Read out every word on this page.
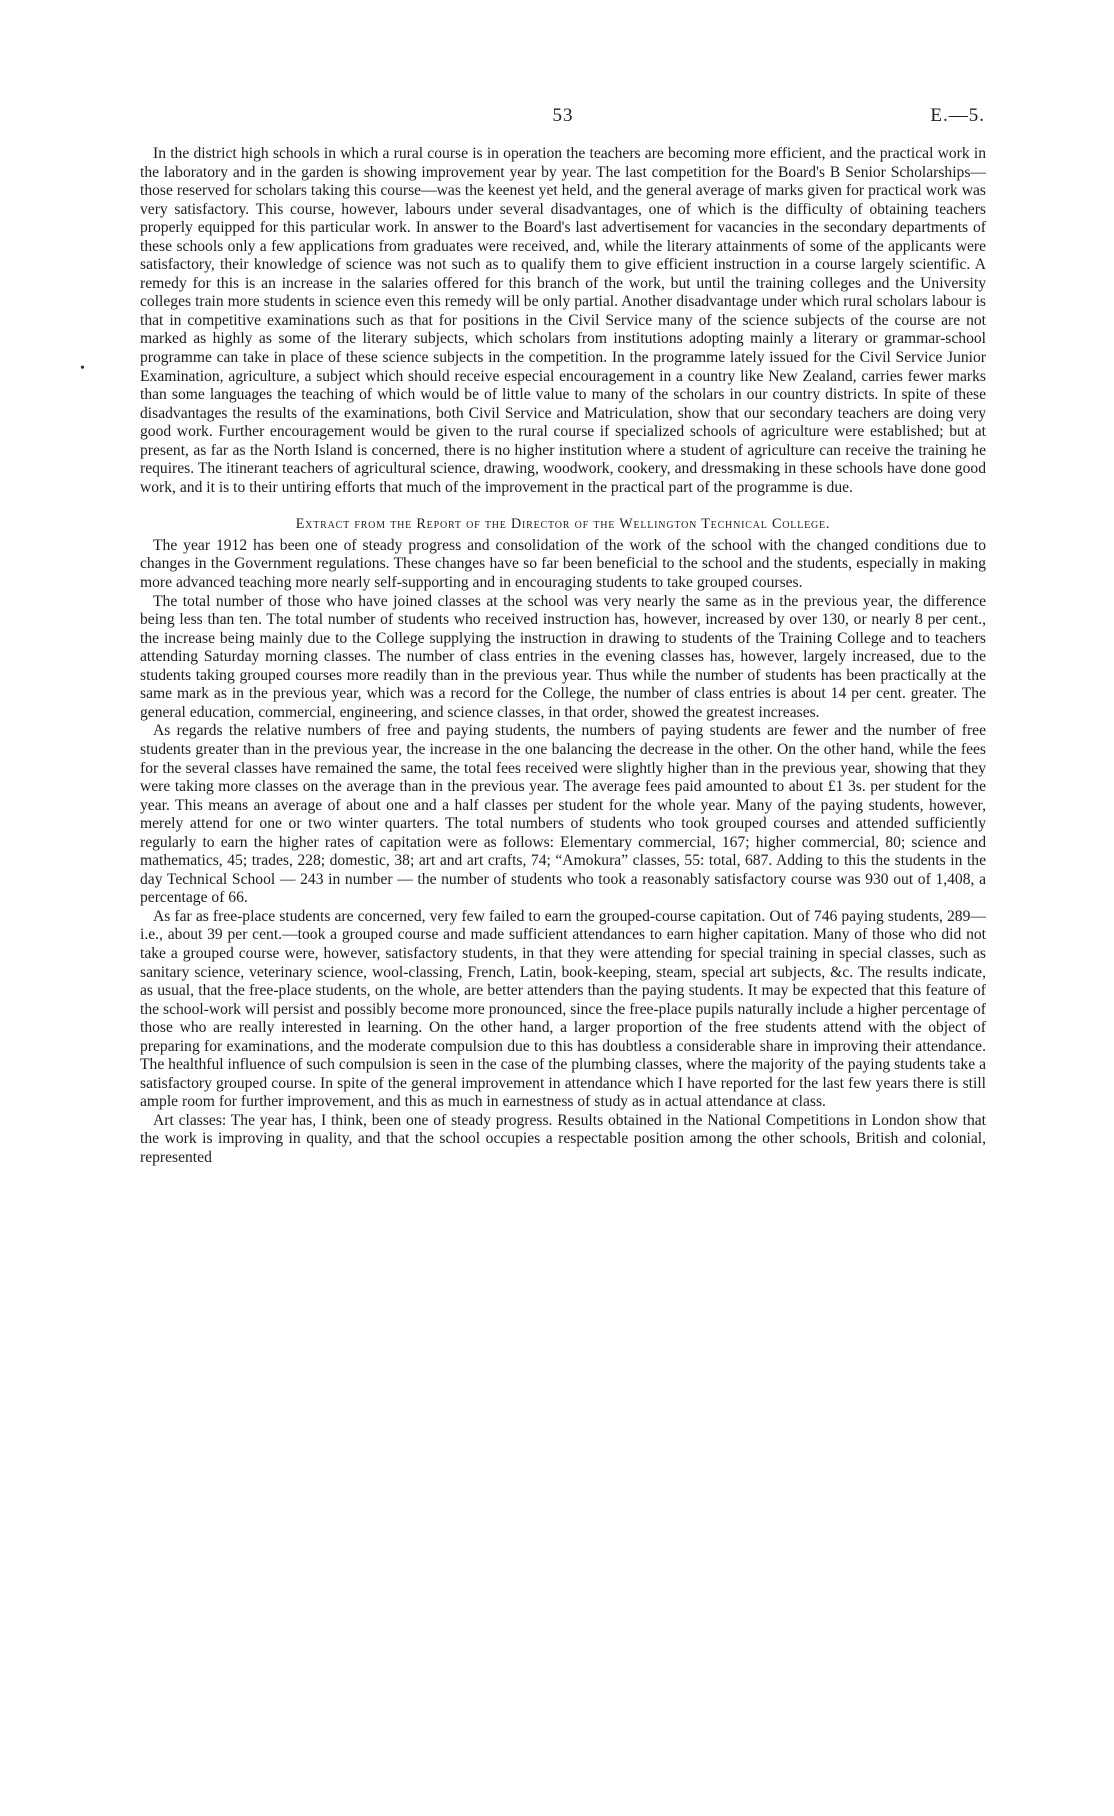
53	E.—5.
•

In the district high schools in which a rural course is in operation the teachers are becoming more efficient, and the practical work in the laboratory and in the garden is showing improvement year by year. The last competition for the Board's B Senior Scholarships—those reserved for scholars taking this course—was the keenest yet held, and the general average of marks given for practical work was very satisfactory. This course, however, labours under several disadvantages, one of which is the difficulty of obtaining teachers properly equipped for this particular work. In answer to the Board's last advertisement for vacancies in the secondary departments of these schools only a few applications from graduates were received, and, while the literary attainments of some of the applicants were satisfactory, their knowledge of science was not such as to qualify them to give efficient instruction in a course largely scientific. A remedy for this is an increase in the salaries offered for this branch of the work, but until the training colleges and the University colleges train more students in science even this remedy will be only partial. Another disadvantage under which rural scholars labour is that in competitive examinations such as that for positions in the Civil Service many of the science subjects of the course are not marked as highly as some of the literary subjects, which scholars from institutions adopting mainly a literary or grammar-school programme can take in place of these science subjects in the competition. In the programme lately issued for the Civil Service Junior Examination, agriculture, a subject which should receive especial encouragement in a country like New Zealand, carries fewer marks than some languages the teaching of which would be of little value to many of the scholars in our country districts. In spite of these disadvantages the results of the examinations, both Civil Service and Matriculation, show that our secondary teachers are doing very good work. Further encouragement would be given to the rural course if specialized schools of agriculture were established; but at present, as far as the North Island is concerned, there is no higher institution where a student of agriculture can receive the training he requires. The itinerant teachers of agricultural science, drawing, woodwork, cookery, and dressmaking in these schools have done good work, and it is to their untiring efforts that much of the improvement in the practical part of the programme is due.

Extract from the Report of the Director of the Wellington Technical College.

The year 1912 has been one of steady progress and consolidation of the work of the school with the changed conditions due to changes in the Government regulations. These changes have so far been beneficial to the school and the students, especially in making more advanced teaching more nearly self-supporting and in encouraging students to take grouped courses.

The total number of those who have joined classes at the school was very nearly the same as in the previous year, the difference being less than ten. The total number of students who received instruction has, however, increased by over 130, or nearly 8 per cent., the increase being mainly due to the College supplying the instruction in drawing to students of the Training College and to teachers attending Saturday morning classes. The number of class entries in the evening classes has, however, largely increased, due to the students taking grouped courses more readily than in the previous year. Thus while the number of students has been practically at the same mark as in the previous year, which was a record for the College, the number of class entries is about 14 per cent. greater. The general education, commercial, engineering, and science classes, in that order, showed the greatest increases.

As regards the relative numbers of free and paying students, the numbers of paying students are fewer and the number of free students greater than in the previous year, the increase in the one balancing the decrease in the other. On the other hand, while the fees for the several classes have remained the same, the total fees received were slightly higher than in the previous year, showing that they were taking more classes on the average than in the previous year. The average fees paid amounted to about £1 3s. per student for the year. This means an average of about one and a half classes per student for the whole year. Many of the paying students, however, merely attend for one or two winter quarters. The total numbers of students who took grouped courses and attended sufficiently regularly to earn the higher rates of capitation were as follows: Elementary commercial, 167; higher commercial, 80; science and mathematics, 45; trades, 228; domestic, 38; art and art crafts, 74; “Amokura” classes, 55: total, 687. Adding to this the students in the day Technical School — 243 in number — the number of students who took a reasonably satisfactory course was 930 out of 1,408, a percentage of 66.

As far as free-place students are concerned, very few failed to earn the grouped-course capitation. Out of 746 paying students, 289—i.e., about 39 per cent.—took a grouped course and made sufficient attendances to earn higher capitation. Many of those who did not take a grouped course were, however, satisfactory students, in that they were attending for special training in special classes, such as sanitary science, veterinary science, wool-classing, French, Latin, book-keeping, steam, special art subjects, &c. The results indicate, as usual, that the free-place students, on the whole, are better attenders than the paying students. It may be expected that this feature of the school-work will persist and possibly become more pronounced, since the free-place pupils naturally include a higher percentage of those who are really interested in learning. On the other hand, a larger proportion of the free students attend with the object of preparing for examinations, and the moderate compulsion due to this has doubtless a considerable share in improving their attendance. The healthful influence of such compulsion is seen in the case of the plumbing classes, where the majority of the paying students take a satisfactory grouped course. In spite of the general improvement in attendance which I have reported for the last few years there is still ample room for further improvement, and this as much in earnestness of study as in actual attendance at class.

Art classes: The year has, I think, been one of steady progress. Results obtained in the National Competitions in London show that the work is improving in quality, and that the school occupies a respectable position among the other schools, British and colonial, represented
